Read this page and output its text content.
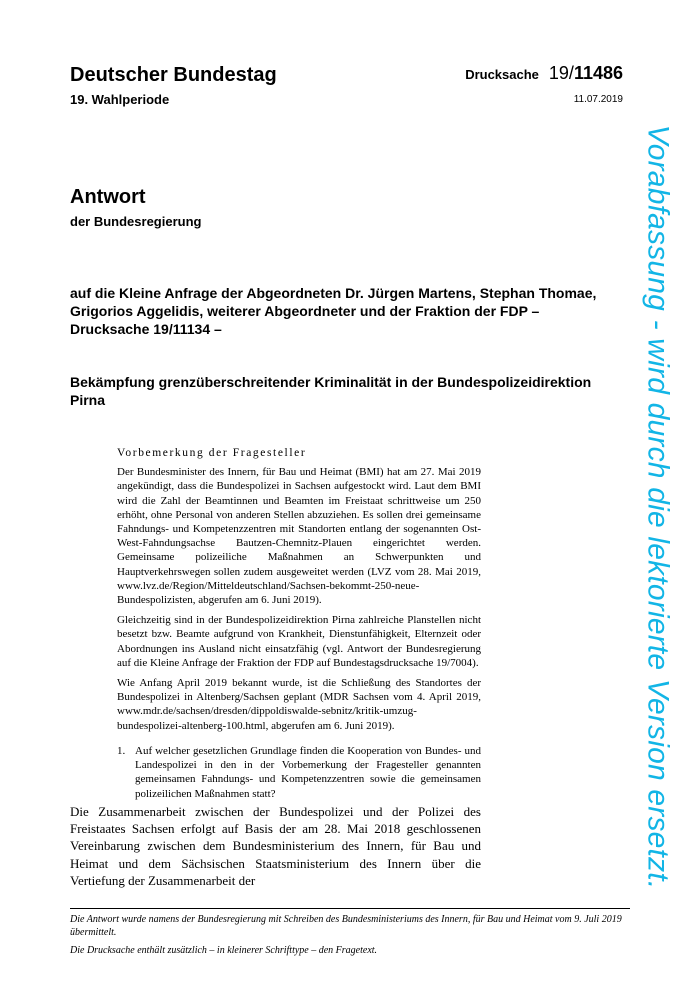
Deutscher Bundestag
19. Wahlperiode
Drucksache 19/11486
11.07.2019
Antwort
der Bundesregierung
auf die Kleine Anfrage der Abgeordneten Dr. Jürgen Martens, Stephan Thomae, Grigorios Aggelidis, weiterer Abgeordneter und der Fraktion der FDP – Drucksache 19/11134 –
Bekämpfung grenzüberschreitender Kriminalität in der Bundespolizeidirektion Pirna
Vorbemerkung der Fragesteller

Der Bundesminister des Innern, für Bau und Heimat (BMI) hat am 27. Mai 2019 angekündigt, dass die Bundespolizei in Sachsen aufgestockt wird. Laut dem BMI wird die Zahl der Beamtinnen und Beamten im Freistaat schrittweise um 250 erhöht, ohne Personal von anderen Stellen abzuziehen. Es sollen drei gemeinsame Fahndungs- und Kompetenzzentren mit Standorten entlang der sogenannten Ost-West-Fahndungsachse Bautzen-Chemnitz-Plauen eingerichtet werden. Gemeinsame polizeiliche Maßnahmen an Schwerpunkten und Hauptverkehrswegen sollen zudem ausgeweitet werden (LVZ vom 28. Mai 2019, www.lvz.de/Region/Mitteldeutschland/Sachsen-bekommt-250-neue-Bundespolizisten, abgerufen am 6. Juni 2019).

Gleichzeitig sind in der Bundespolizeidirektion Pirna zahlreiche Planstellen nicht besetzt bzw. Beamte aufgrund von Krankheit, Dienstunfähigkeit, Elternzeit oder Abordnungen ins Ausland nicht einsatzfähig (vgl. Antwort der Bundesregierung auf die Kleine Anfrage der Fraktion der FDP auf Bundestagsdrucksache 19/7004).

Wie Anfang April 2019 bekannt wurde, ist die Schließung des Standortes der Bundespolizei in Altenberg/Sachsen geplant (MDR Sachsen vom 4. April 2019, www.mdr.de/sachsen/dresden/dippoldiswalde-sebnitz/kritik-umzug-bundespolizei-altenberg-100.html, abgerufen am 6. Juni 2019).

1. Auf welcher gesetzlichen Grundlage finden die Kooperation von Bundes- und Landespolizei in den in der Vorbemerkung der Fragesteller genannten gemeinsamen Fahndungs- und Kompetenzzentren sowie die gemeinsamen polizeilichen Maßnahmen statt?
Die Zusammenarbeit zwischen der Bundespolizei und der Polizei des Freistaates Sachsen erfolgt auf Basis der am 28. Mai 2018 geschlossenen Vereinbarung zwischen dem Bundesministerium des Innern, für Bau und Heimat und dem Sächsischen Staatsministerium des Innern über die Vertiefung der Zusammenarbeit der

Die Antwort wurde namens der Bundesregierung mit Schreiben des Bundesministeriums des Innern, für Bau und Heimat vom 9. Juli 2019 übermittelt.

Die Drucksache enthält zusätzlich – in kleinerer Schrifttype – den Fragetext.

Vorabfassung - wird durch die lektorierte Version ersetzt.
